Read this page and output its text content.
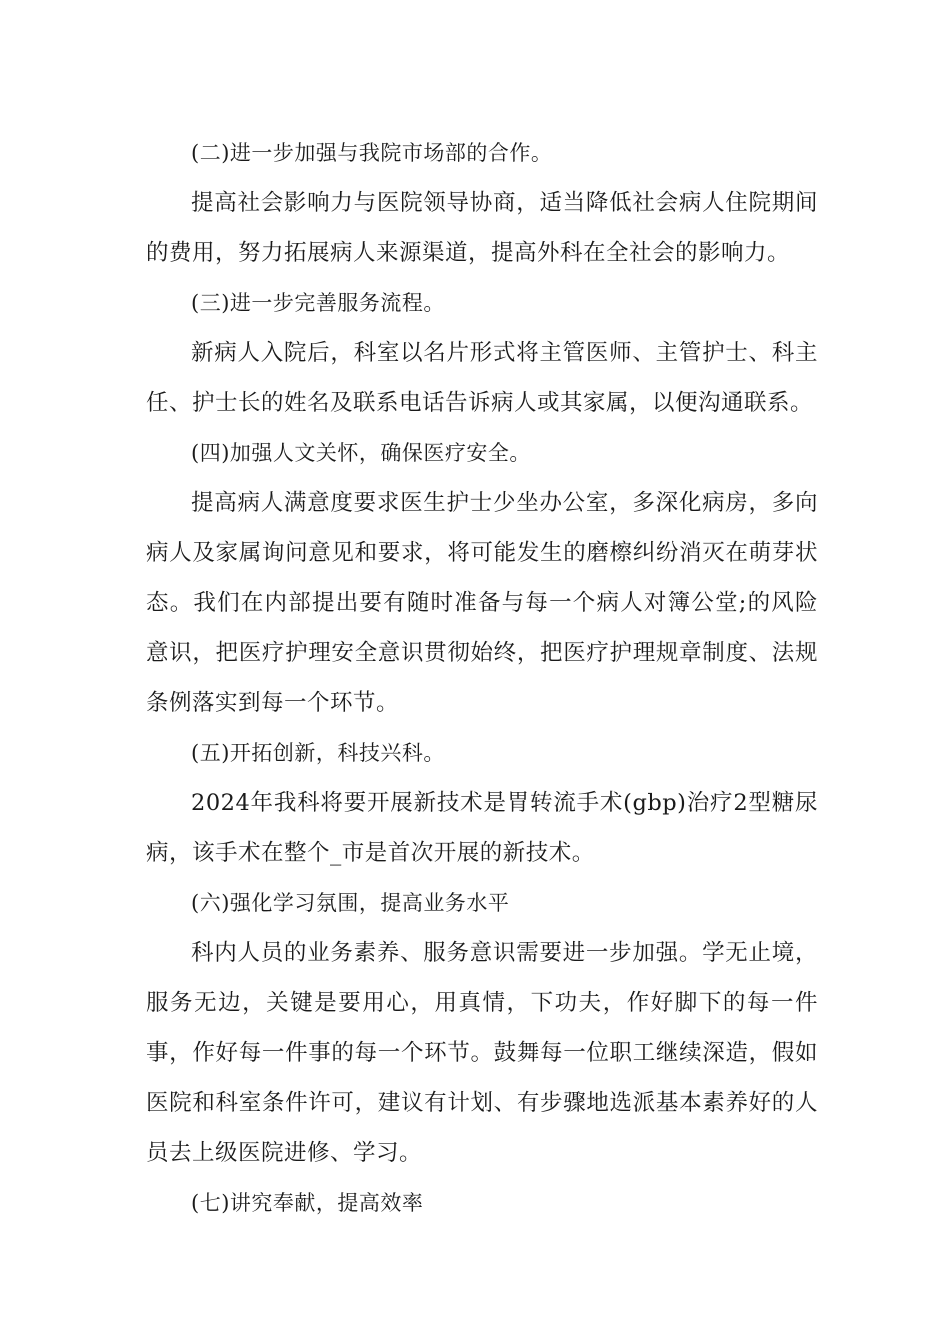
(二)进一步加强与我院市场部的合作。

提高社会影响力与医院领导协商，适当降低社会病人住院期间的费用，努力拓展病人来源渠道，提高外科在全社会的影响力。

(三)进一步完善服务流程。

新病人入院后，科室以名片形式将主管医师、主管护士、科主任、护士长的姓名及联系电话告诉病人或其家属，以便沟通联系。

(四)加强人文关怀，确保医疗安全。

提高病人满意度要求医生护士少坐办公室，多深化病房，多向病人及家属询问意见和要求，将可能发生的磨檫纠纷消灭在萌芽状态。我们在内部提出要有随时准备与每一个病人对簿公堂;的风险意识，把医疗护理安全意识贯彻始终，把医疗护理规章制度、法规条例落实到每一个环节。

(五)开拓创新，科技兴科。

2024年我科将要开展新技术是胃转流手术(gbp)治疗2型糖尿病，该手术在整个_市是首次开展的新技术。

(六)强化学习氛围，提高业务水平

科内人员的业务素养、服务意识需要进一步加强。学无止境，服务无边，关键是要用心，用真情，下功夫，作好脚下的每一件事，作好每一件事的每一个环节。鼓舞每一位职工继续深造，假如医院和科室条件许可，建议有计划、有步骤地选派基本素养好的人员去上级医院进修、学习。

(七)讲究奉献，提高效率
